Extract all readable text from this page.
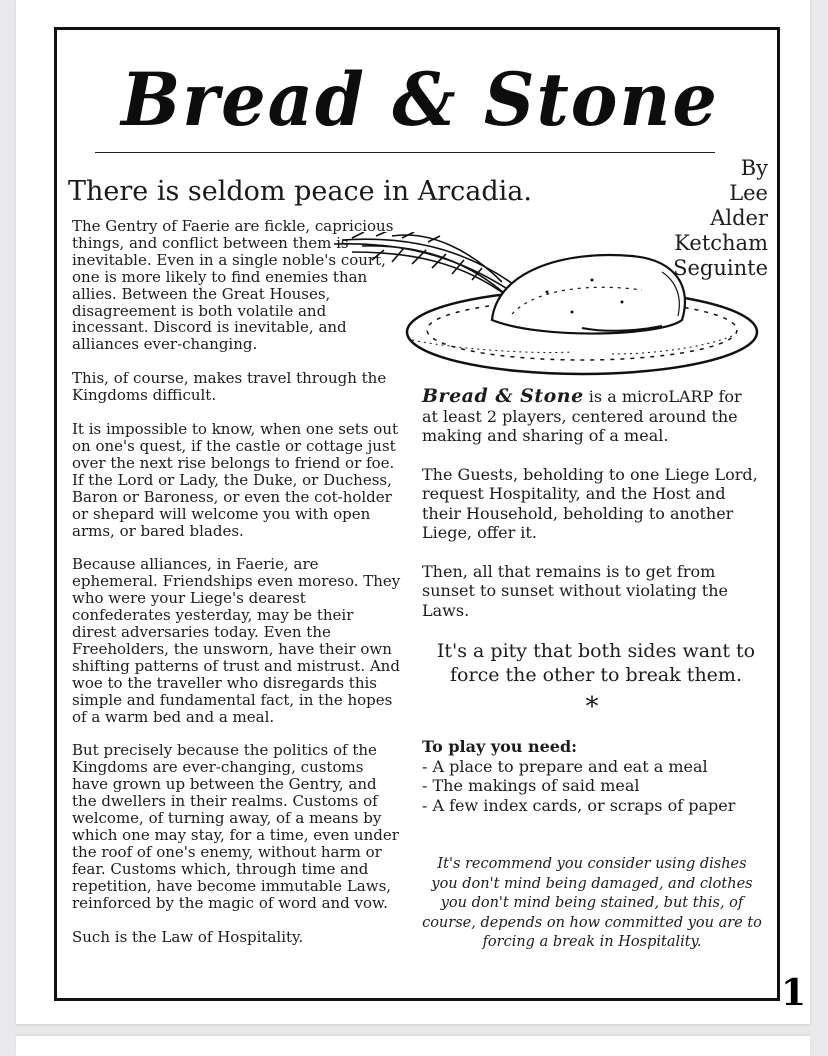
Bread & Stone
By
Lee
Alder
Ketcham
Seguinte
There is seldom peace in Arcadia.

The Gentry of Faerie are fickle, capricious things, and conflict between them is inevitable. Even in a single noble's court, one is more likely to find enemies than allies. Between the Great Houses, disagreement is both volatile and incessant. Discord is inevitable, and alliances ever-changing.

This, of course, makes travel through the Kingdoms difficult.

It is impossible to know, when one sets out on one's quest, if the castle or cottage just over the next rise belongs to friend or foe. If the Lord or Lady, the Duke, or Duchess, Baron or Baroness, or even the cot-holder or shepard will welcome you with open arms, or bared blades.

Because alliances, in Faerie, are ephemeral. Friendships even moreso. They who were your Liege's dearest confederates yesterday, may be their direst adversaries today. Even the Freeholders, the unsworn, have their own shifting patterns of trust and mistrust. And woe to the traveller who disregards this simple and fundamental fact, in the hopes of a warm bed and a meal.

But precisely because the politics of the Kingdoms are ever-changing, customs have grown up between the Gentry, and the dwellers in their realms. Customs of welcome, of turning away, of a means by which one may stay, for a time, even under the roof of one's enemy, without harm or fear. Customs which, through time and repetition, have become immutable Laws, reinforced by the magic of word and vow.

Such is the Law of Hospitality.

Bread & Stone is a microLARP for at least 2 players, centered around the making and sharing of a meal.

The Guests, beholding to one Liege Lord, request Hospitality, and the Host and their Household, beholding to another Liege, offer it.

Then, all that remains is to get from sunset to sunset without violating the Laws.

It's a pity that both sides want to force the other to break them.

*

To play you need:

- A place to prepare and eat a meal
- The makings of said meal
- A few index cards, or scraps of paper

It's recommend you consider using dishes you don't mind being damaged, and clothes you don't mind being stained, but this, of course, depends on how committed you are to forcing a break in Hospitality.

1
